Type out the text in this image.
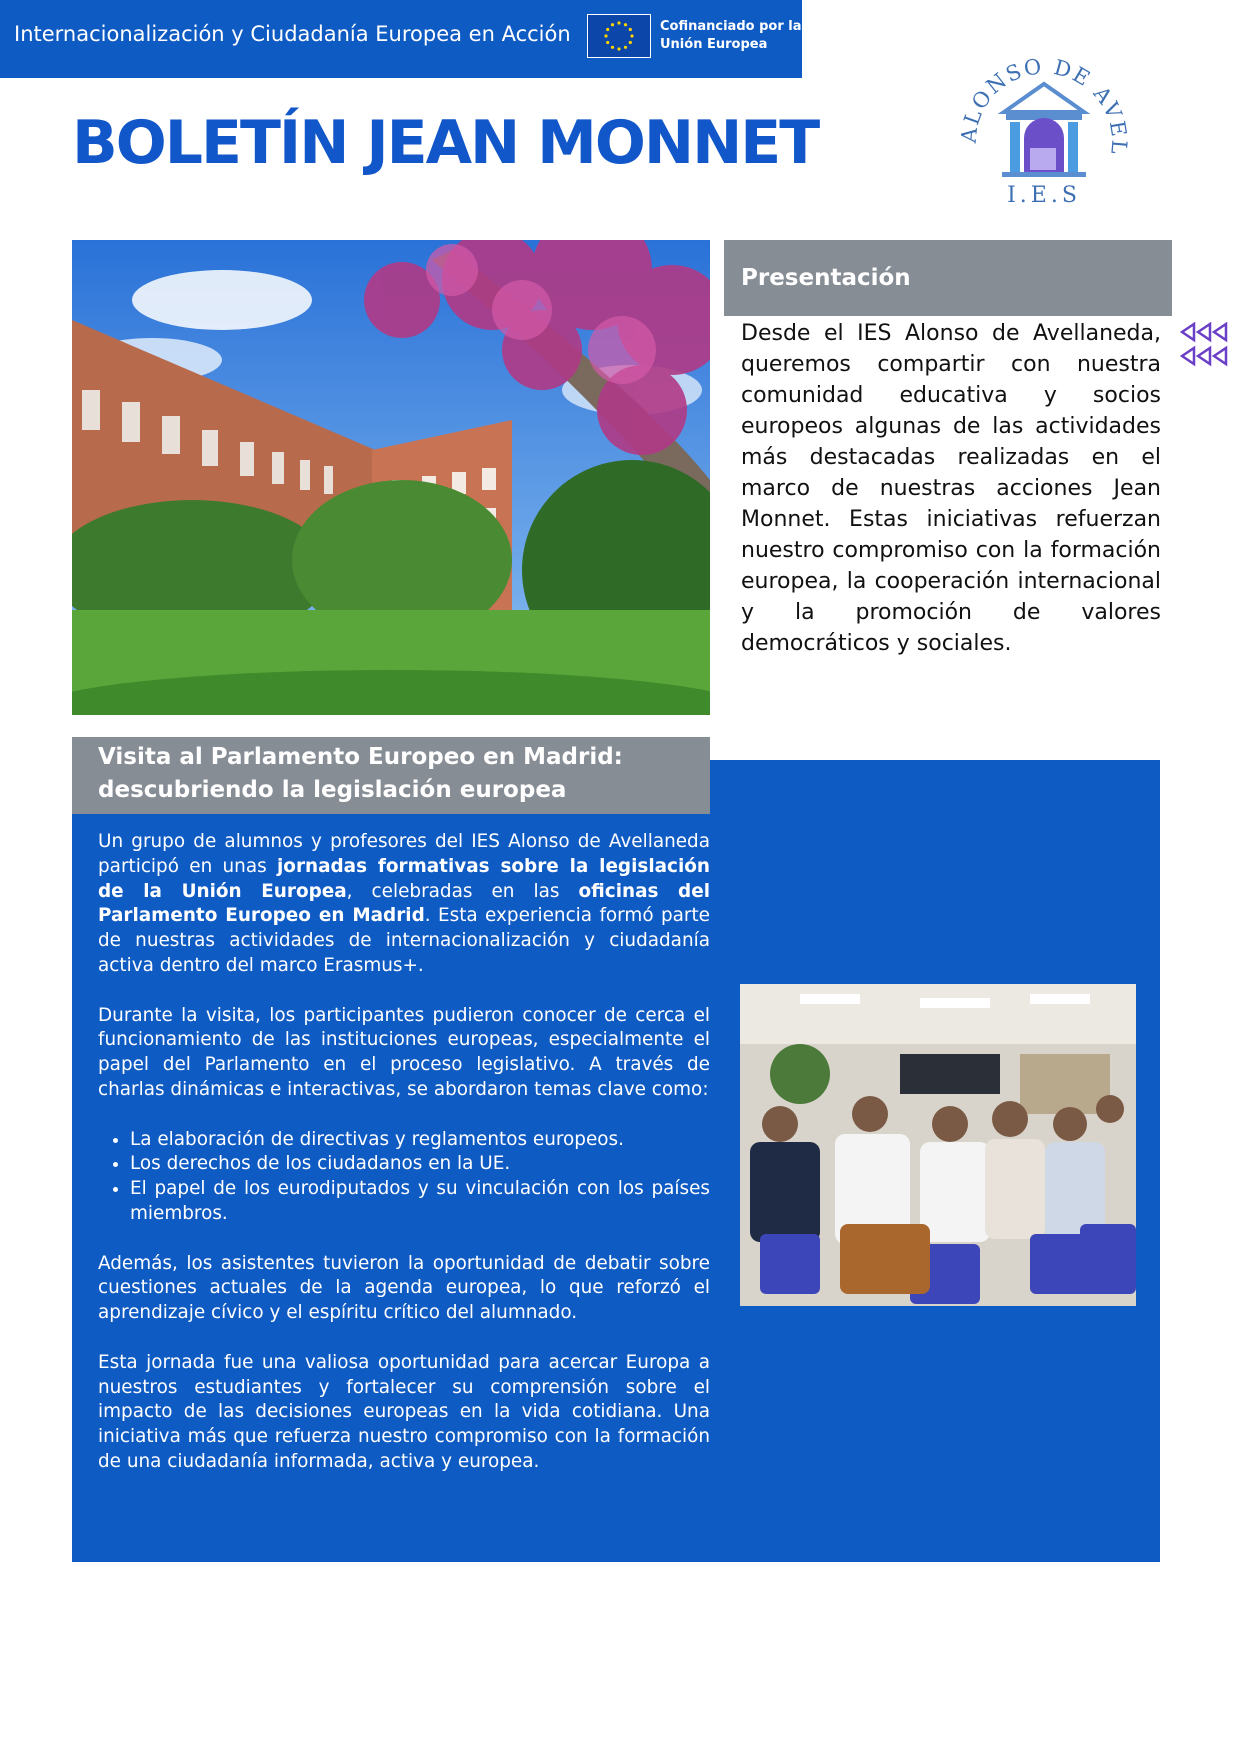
Internacionalización y Ciudadanía Europea en Acción	Cofinanciado por la
Unión Europea
BOLETÍN JEAN MONNET	ALONSO DE AVEL
I.E.S
Presentación
Desde el IES Alonso de Avellaneda, queremos compartir con nuestra comunidad educativa y socios europeos algunas de las actividades más destacadas realizadas en el marco de nuestras acciones Jean Monnet. Estas iniciativas refuerzan nuestro compromiso con la formación europea, la cooperación internacional y la promoción de valores democráticos y sociales.
Visita al Parlamento Europeo en Madrid: descubriendo la legislación europea

Un grupo de alumnos y profesores del IES Alonso de Avellaneda participó en unas jornadas formativas sobre la legislación de la Unión Europea, celebradas en las oficinas del Parlamento Europeo en Madrid. Esta experiencia formó parte de nuestras actividades de internacionalización y ciudadanía activa dentro del marco Erasmus+.

Durante la visita, los participantes pudieron conocer de cerca el funcionamiento de las instituciones europeas, especialmente el papel del Parlamento en el proceso legislativo. A través de charlas dinámicas e interactivas, se abordaron temas clave como:

• La elaboración de directivas y reglamentos europeos.
• Los derechos de los ciudadanos en la UE.
• El papel de los eurodiputados y su vinculación con los países miembros.

Además, los asistentes tuvieron la oportunidad de debatir sobre cuestiones actuales de la agenda europea, lo que reforzó el aprendizaje cívico y el espíritu crítico del alumnado.

Esta jornada fue una valiosa oportunidad para acercar Europa a nuestros estudiantes y fortalecer su comprensión sobre el impacto de las decisiones europeas en la vida cotidiana. Una iniciativa más que refuerza nuestro compromiso con la formación de una ciudadanía informada, activa y europea.
